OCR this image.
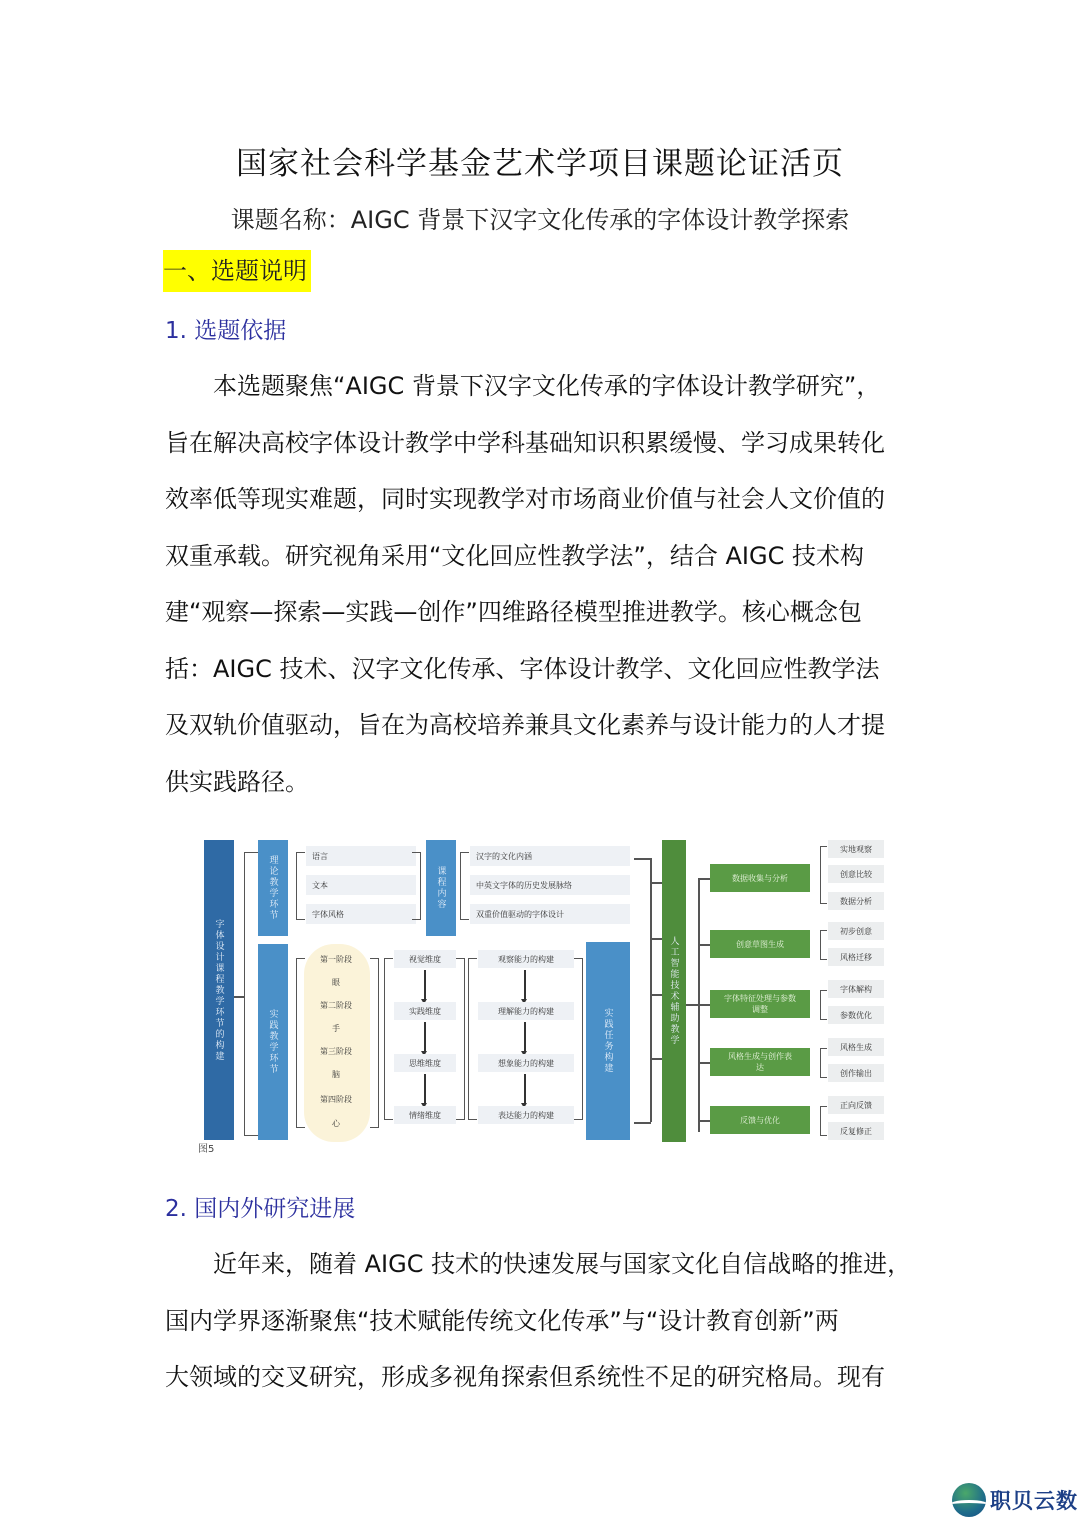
国家社会科学基金艺术学项目课题论证活页
课题名称：AIGC 背景下汉字文化传承的字体设计教学探索
一、选题说明
1. 选题依据
本选题聚焦“AIGC 背景下汉字文化传承的字体设计教学研究”，
旨在解决高校字体设计教学中学科基础知识积累缓慢、学习成果转化
效率低等现实难题，同时实现教学对市场商业价值与社会人文价值的
双重承载。研究视角采用“文化回应性教学法”，结合 AIGC 技术构
建“观察—探索—实践—创作”四维路径模型推进教学。核心概念包
括：AIGC 技术、汉字文化传承、字体设计教学、文化回应性教学法
及双轨价值驱动，旨在为高校培养兼具文化素养与设计能力的人才提
供实践路径。
字体设计课程教学环节的构建
理论教学环节	语言
文本
字体风格
课程内容
汉字的文化内涵
中英文字体的历史发展脉络
双重价值驱动的字体设计
实践教学环节
第一阶段
眼
第二阶段
手
第三阶段
脑
第四阶段
心
视觉维度
实践维度
思维维度
情绪维度
观察能力的构建
理解能力的构建
想象能力的构建
表达能力的构建
实践任务构建	人工智能技术辅助教学
数据收集与分析
实地观察
创意比较
数据分析
创意草图生成
初步创意
风格迁移
字体特征处理与参数调整
字体解构
参数优化
风格生成与创作表达
风格生成
创作输出
反馈与优化
正向反馈
反复修正
图5
2. 国内外研究进展
近年来，随着 AIGC 技术的快速发展与国家文化自信战略的推进，
国内学界逐渐聚焦“技术赋能传统文化传承”与“设计教育创新”两
大领域的交叉研究，形成多视角探索但系统性不足的研究格局。现有
职贝云数
